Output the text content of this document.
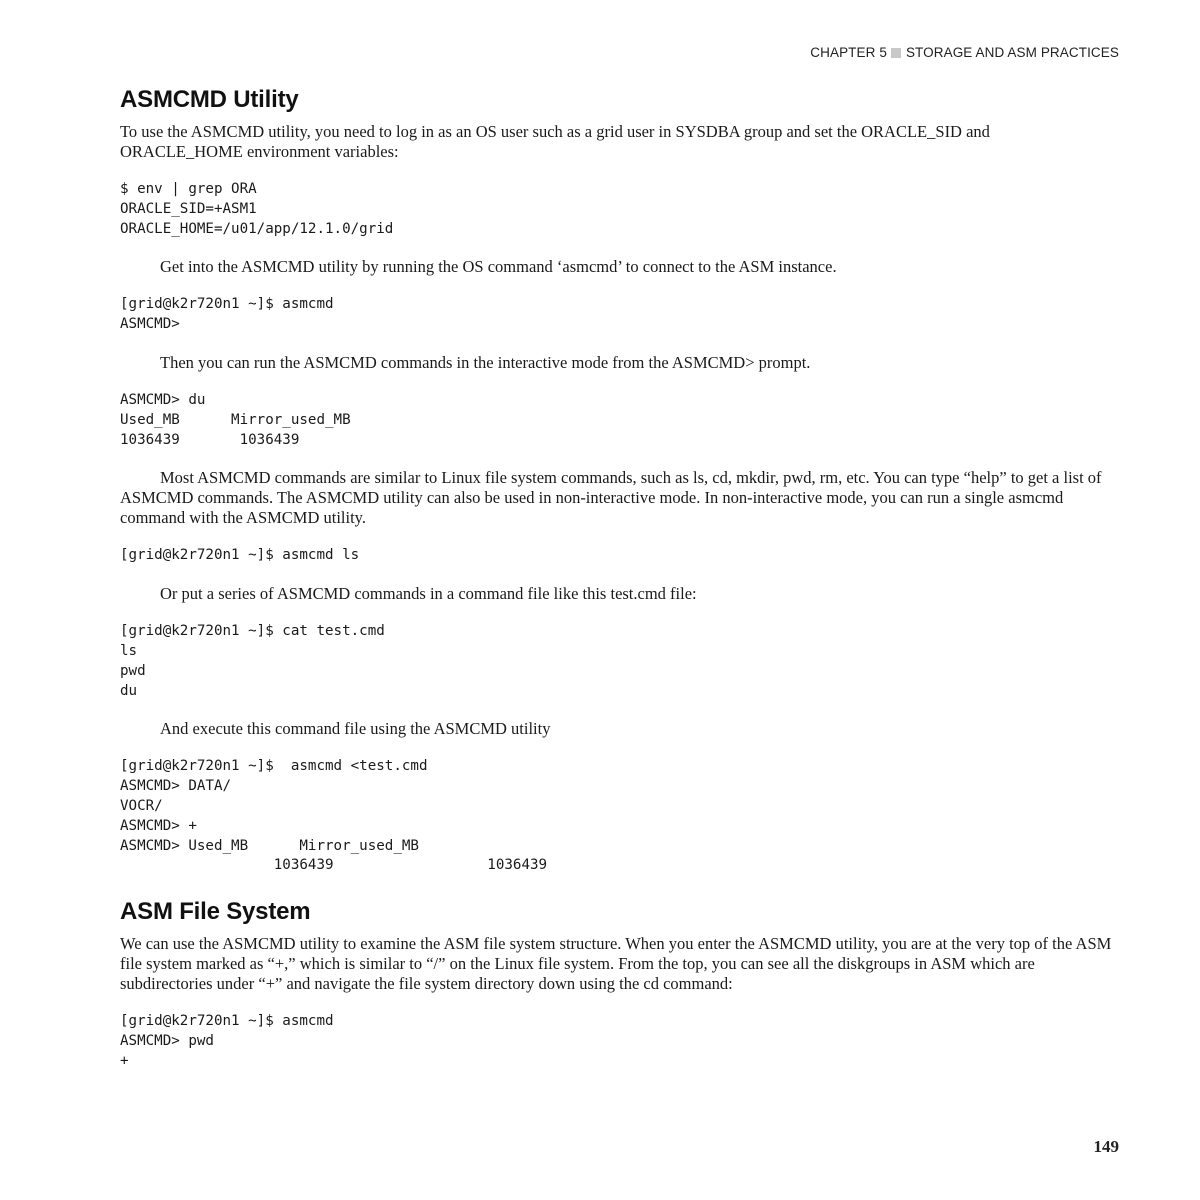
CHAPTER 5 STORAGE AND ASM PRACTICES
ASMCMD Utility

To use the ASMCMD utility, you need to log in as an OS user such as a grid user in SYSDBA group and set the ORACLE_SID and ORACLE_HOME environment variables:

$ env | grep ORA
ORACLE_SID=+ASM1
ORACLE_HOME=/u01/app/12.1.0/grid

Get into the ASMCMD utility by running the OS command ‘asmcmd’ to connect to the ASM instance.

[grid@k2r720n1 ~]$ asmcmd
ASMCMD>

Then you can run the ASMCMD commands in the interactive mode from the ASMCMD> prompt.

ASMCMD> du
Used_MB      Mirror_used_MB
1036439       1036439

Most ASMCMD commands are similar to Linux file system commands, such as ls, cd, mkdir, pwd, rm, etc. You can type “help” to get a list of ASMCMD commands. The ASMCMD utility can also be used in non-interactive mode. In non-interactive mode, you can run a single asmcmd command with the ASMCMD utility.

[grid@k2r720n1 ~]$ asmcmd ls

Or put a series of ASMCMD commands in a command file like this test.cmd file:

[grid@k2r720n1 ~]$ cat test.cmd
ls
pwd
du

And execute this command file using the ASMCMD utility

[grid@k2r720n1 ~]$  asmcmd <test.cmd
ASMCMD> DATA/
VOCR/
ASMCMD> +
ASMCMD> Used_MB      Mirror_used_MB
1036439                  1036439
ASM File System

We can use the ASMCMD utility to examine the ASM file system structure. When you enter the ASMCMD utility, you are at the very top of the ASM file system marked as “+,” which is similar to “/” on the Linux file system. From the top, you can see all the diskgroups in ASM which are subdirectories under “+” and navigate the file system directory down using the cd command:

[grid@k2r720n1 ~]$ asmcmd
ASMCMD> pwd
+
149
